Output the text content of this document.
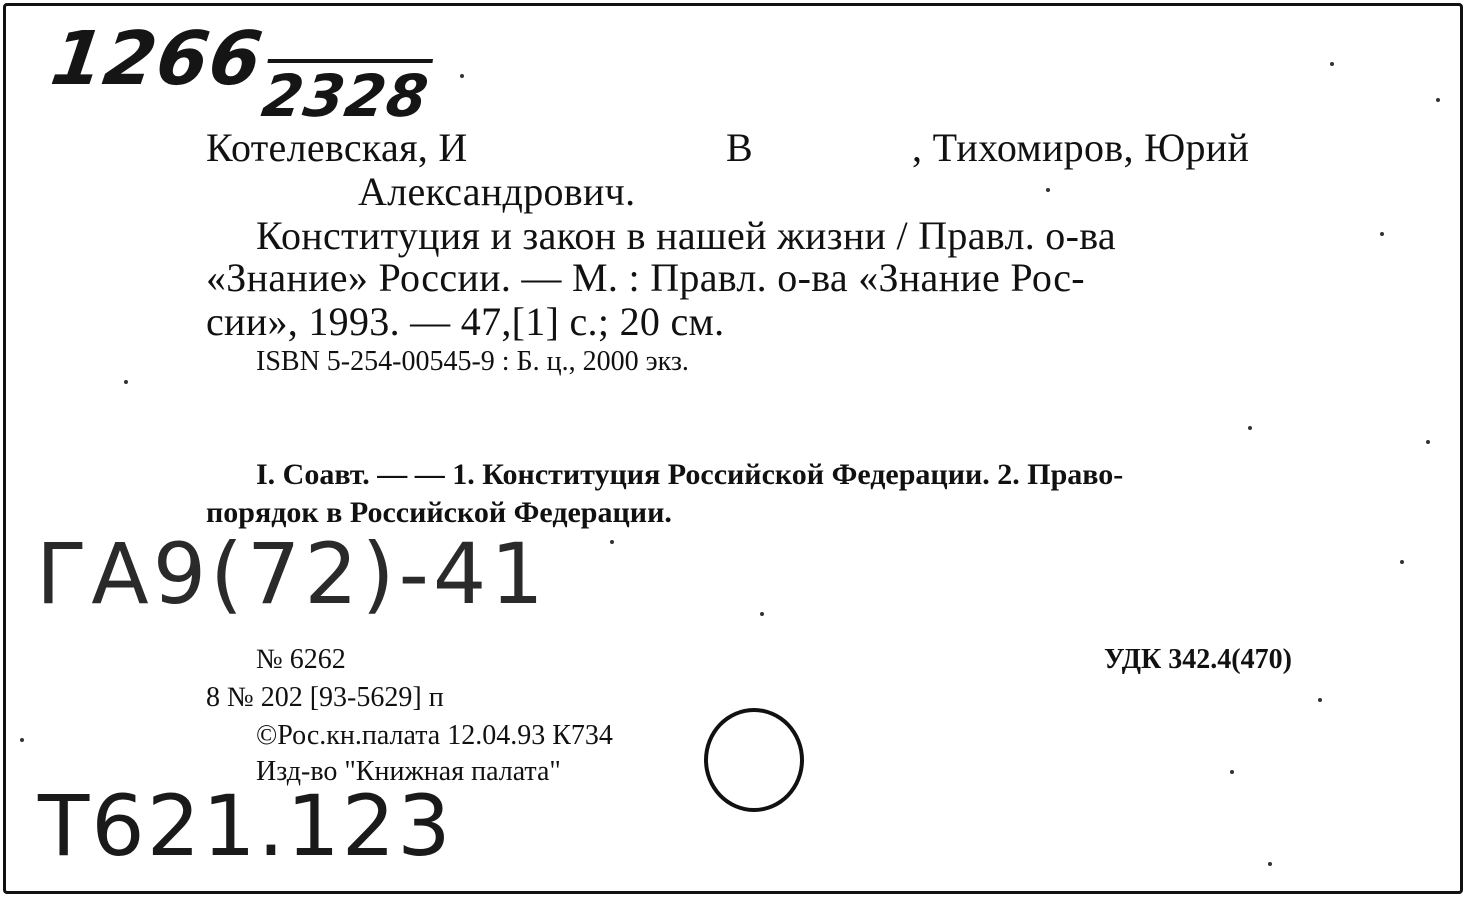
12662328
ГА9(72)-41
Т621.123
Котелевская, И	В	, Тихомиров, Юрий
Александрович.
Конституция и закон в нашей жизни / Правл. о-ва
«Знание» России. — М. : Правл. о-ва «Знание Рос-
сии», 1993. — 47,[1] с.; 20 см.
ISBN 5-254-00545-9 : Б. ц., 2000 экз.
I. Соавт. — — 1. Конституция Российской Федерации. 2. Право-
порядок в Российской Федерации.
№ 6262	УДК 342.4(470)
8 № 202 [93-5629] п
©Рос.кн.палата 12.04.93 К734
Изд-во "Книжная палата"
